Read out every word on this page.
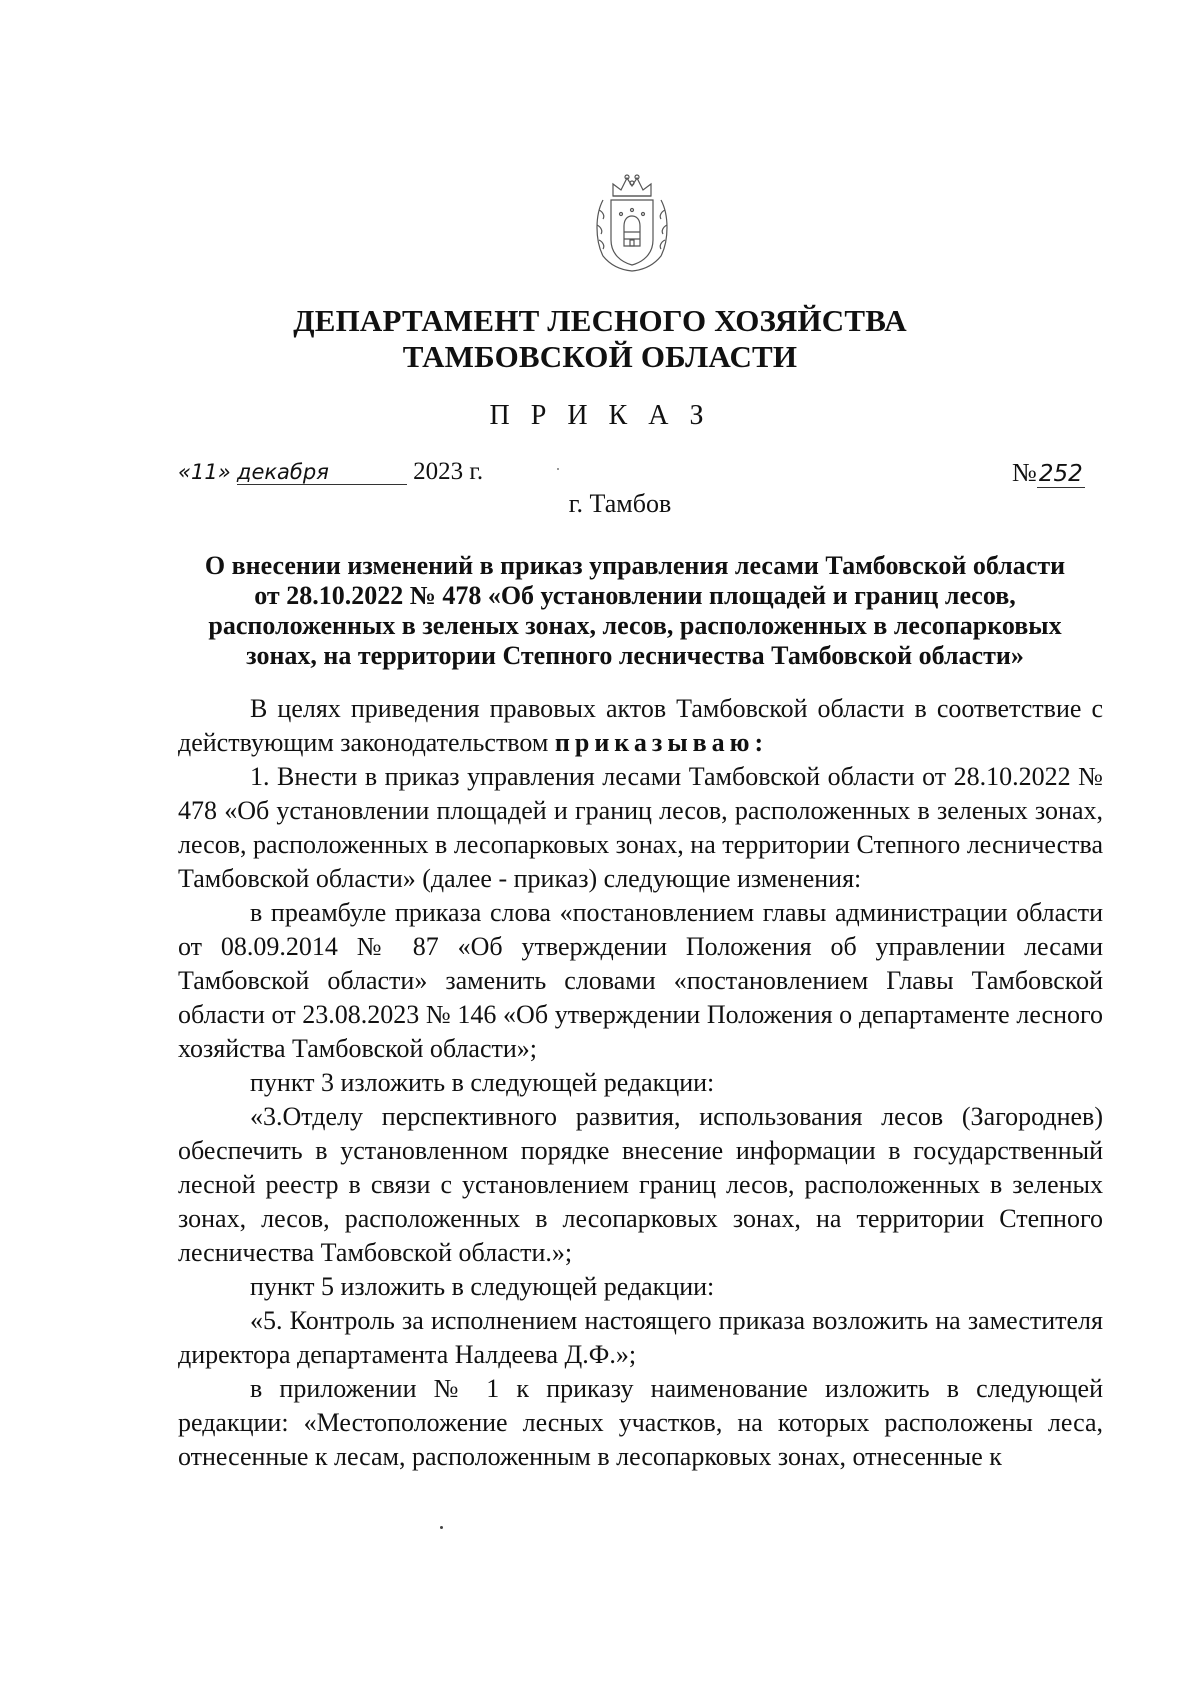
ДЕПАРТАМЕНТ ЛЕСНОГО ХОЗЯЙСТВА
ТАМБОВСКОЙ ОБЛАСТИ
П Р И К А З
«11» декабря	2023 г.	№252
г. Тамбов
О внесении изменений в приказ управления лесами Тамбовской области
от 28.10.2022 № 478 «Об установлении площадей и границ лесов,
расположенных в зеленых зонах, лесов, расположенных в лесопарковых
зонах, на территории Степного лесничества Тамбовской области»

В целях приведения правовых актов Тамбовской области в соответствие с действующим законодательством приказываю:

1. Внести в приказ управления лесами Тамбовской области от 28.10.2022 № 478 «Об установлении площадей и границ лесов, расположенных в зеленых зонах, лесов, расположенных в лесопарковых зонах, на территории Степного лесничества Тамбовской области» (далее - приказ) следующие изменения:

в преамбуле приказа слова «постановлением главы администрации области от 08.09.2014 № 87 «Об утверждении Положения об управлении лесами Тамбовской области» заменить словами «постановлением Главы Тамбовской области от 23.08.2023 № 146 «Об утверждении Положения о департаменте лесного хозяйства Тамбовской области»;

пункт 3 изложить в следующей редакции:

«3.Отделу перспективного развития, использования лесов (Загороднев) обеспечить в установленном порядке внесение информации в государственный лесной реестр в связи с установлением границ лесов, расположенных в зеленых зонах, лесов, расположенных в лесопарковых зонах, на территории Степного лесничества Тамбовской области.»;

пункт 5 изложить в следующей редакции:

«5. Контроль за исполнением настоящего приказа возложить на заместителя директора департамента Налдеева Д.Ф.»;

в приложении № 1 к приказу наименование изложить в следующей редакции: «Местоположение лесных участков, на которых расположены леса, отнесенные к лесам, расположенным в лесопарковых зонах, отнесенные к
